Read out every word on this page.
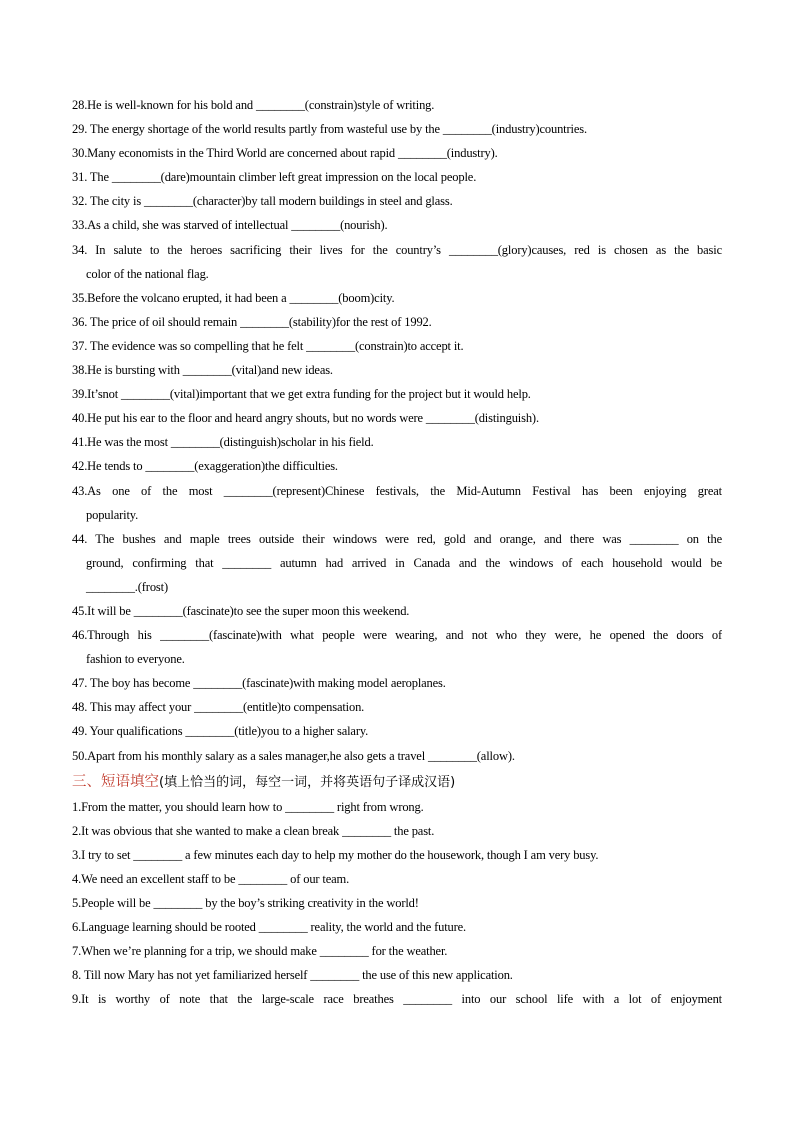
28.He is well-known for his bold and ________(constrain)style of writing.
29. The energy shortage of the world results partly from wasteful use by the ________(industry)countries.
30.Many economists in the Third World are concerned about rapid ________(industry).
31. The ________(dare)mountain climber left great impression on the local people.
32. The city is ________(character)by tall modern buildings in steel and glass.
33.As a child, she was starved of intellectual ________(nourish).
34. In salute to the heroes sacrificing their lives for the country’s ________(glory)causes, red is chosen as the basic
color of the national flag.
35.Before the volcano erupted, it had been a ________(boom)city.
36. The price of oil should remain ________(stability)for the rest of 1992.
37. The evidence was so compelling that he felt ________(constrain)to accept it.
38.He is bursting with ________(vital)and new ideas.
39.It’snot ________(vital)important that we get extra funding for the project but it would help.
40.He put his ear to the floor and heard angry shouts, but no words were ________(distinguish).
41.He was the most ________(distinguish)scholar in his field.
42.He tends to ________(exaggeration)the difficulties.
43.As one of the most ________(represent)Chinese festivals, the Mid-Autumn Festival has been enjoying great
popularity.
44. The bushes and maple trees outside their windows were red, gold and orange, and there was ________ on the
ground, confirming that ________ autumn had arrived in Canada and the windows of each household would be
________.(frost)
45.It will be ________(fascinate)to see the super moon this weekend.
46.Through his ________(fascinate)with what people were wearing, and not who they were, he opened the doors of
fashion to everyone.
47. The boy has become ________(fascinate)with making model aeroplanes.
48. This may affect your ________(entitle)to compensation.
49. Your qualifications ________(title)you to a higher salary.
50.Apart from his monthly salary as a sales manager,he also gets a travel ________(allow).
三、短语填空(填上恰当的词，每空一词，并将英语句子译成汉语)
1.From the matter, you should learn how to ________ right from wrong.
2.It was obvious that she wanted to make a clean break ________ the past.
3.I try to set ________ a few minutes each day to help my mother do the housework, though I am very busy.
4.We need an excellent staff to be ________ of our team.
5.People will be ________ by the boy’s striking creativity in the world!
6.Language learning should be rooted ________ reality, the world and the future.
7.When we’re planning for a trip, we should make ________ for the weather.
8. Till now Mary has not yet familiarized herself ________ the use of this new application.
9.It is worthy of note that the large-scale race breathes ________ into our school life with a lot of enjoyment
